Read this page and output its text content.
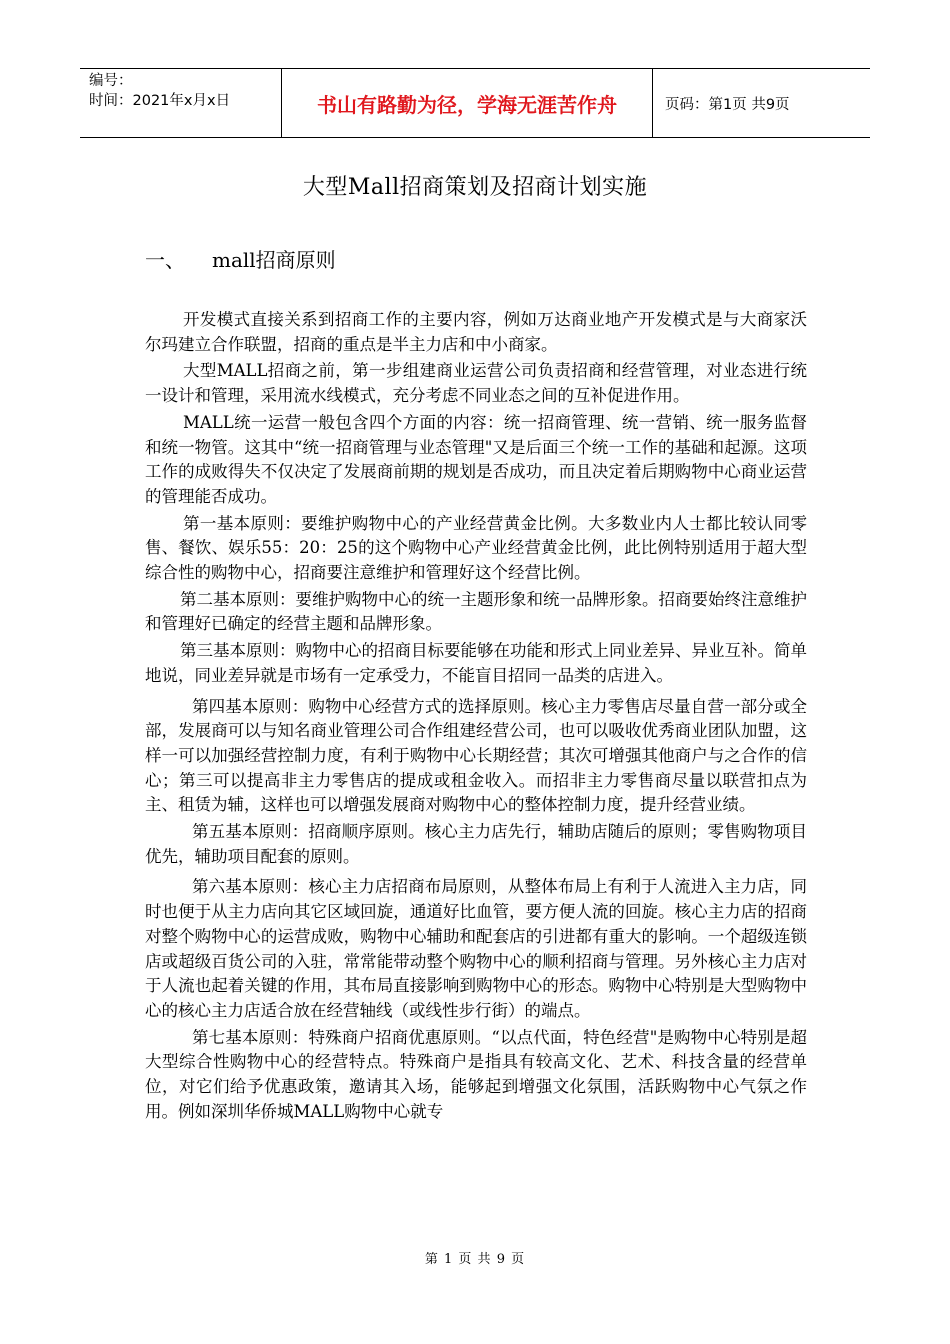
编号：
时间：2021年x月x日	书山有路勤为径，学海无涯苦作舟	页码：第1页 共9页
大型Mall招商策划及招商计划实施
一、	mall招商原则

开发模式直接关系到招商工作的主要内容，例如万达商业地产开发模式是与大商家沃尔玛建立合作联盟，招商的重点是半主力店和中小商家。

大型MALL招商之前，第一步组建商业运营公司负责招商和经营管理，对业态进行统一设计和管理，采用流水线模式，充分考虑不同业态之间的互补促进作用。

MALL统一运营一般包含四个方面的内容：统一招商管理、统一营销、统一服务监督和统一物管。这其中“统一招商管理与业态管理"又是后面三个统一工作的基础和起源。这项工作的成败得失不仅决定了发展商前期的规划是否成功，而且决定着后期购物中心商业运营的管理能否成功。

第一基本原则：要维护购物中心的产业经营黄金比例。大多数业内人士都比较认同零售、餐饮、娱乐55：20：25的这个购物中心产业经营黄金比例，此比例特别适用于超大型综合性的购物中心，招商要注意维护和管理好这个经营比例。

第二基本原则：要维护购物中心的统一主题形象和统一品牌形象。招商要始终注意维护和管理好已确定的经营主题和品牌形象。

第三基本原则：购物中心的招商目标要能够在功能和形式上同业差异、异业互补。简单地说，同业差异就是市场有一定承受力，不能盲目招同一品类的店进入。

第四基本原则：购物中心经营方式的选择原则。核心主力零售店尽量自营一部分或全部，发展商可以与知名商业管理公司合作组建经营公司，也可以吸收优秀商业团队加盟，这样一可以加强经营控制力度，有利于购物中心长期经营；其次可增强其他商户与之合作的信心；第三可以提高非主力零售店的提成或租金收入。而招非主力零售商尽量以联营扣点为主、租赁为辅，这样也可以增强发展商对购物中心的整体控制力度，提升经营业绩。

第五基本原则：招商顺序原则。核心主力店先行，辅助店随后的原则；零售购物项目优先，辅助项目配套的原则。

第六基本原则：核心主力店招商布局原则，从整体布局上有利于人流进入主力店，同时也便于从主力店向其它区域回旋，通道好比血管，要方便人流的回旋。核心主力店的招商对整个购物中心的运营成败，购物中心辅助和配套店的引进都有重大的影响。一个超级连锁店或超级百货公司的入驻，常常能带动整个购物中心的顺利招商与管理。另外核心主力店对于人流也起着关键的作用，其布局直接影响到购物中心的形态。购物中心特别是大型购物中心的核心主力店适合放在经营轴线（或线性步行街）的端点。

第七基本原则：特殊商户招商优惠原则。“以点代面，特色经营"是购物中心特别是超大型综合性购物中心的经营特点。特殊商户是指具有较高文化、艺术、科技含量的经营单位，对它们给予优惠政策，邀请其入场，能够起到增强文化氛围，活跃购物中心气氛之作用。例如深圳华侨城MALL购物中心就专

第 1 页 共 9 页
